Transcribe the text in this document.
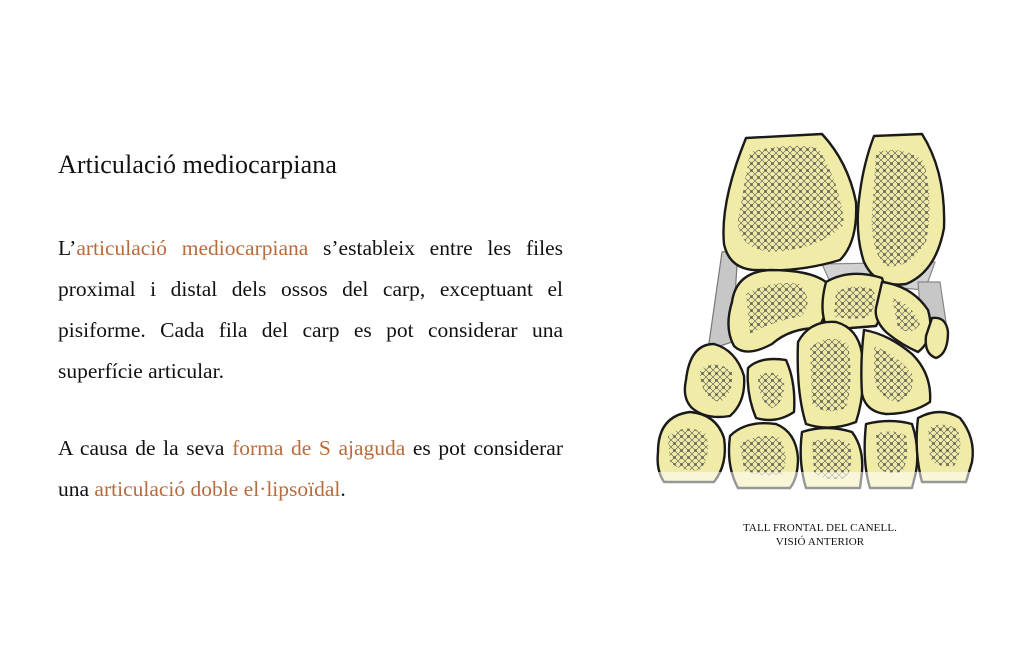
Articulació mediocarpiana

L’articulació mediocarpiana s’estableix entre les files proximal i distal dels ossos del carp, exceptuant el pisiforme. Cada fila del carp es pot considerar una superfície articular.

A causa de la seva forma de S ajaguda es pot considerar una articulació doble el·lipsoïdal.

TALL FRONTAL DEL CANELL.
VISIÓ ANTERIOR
